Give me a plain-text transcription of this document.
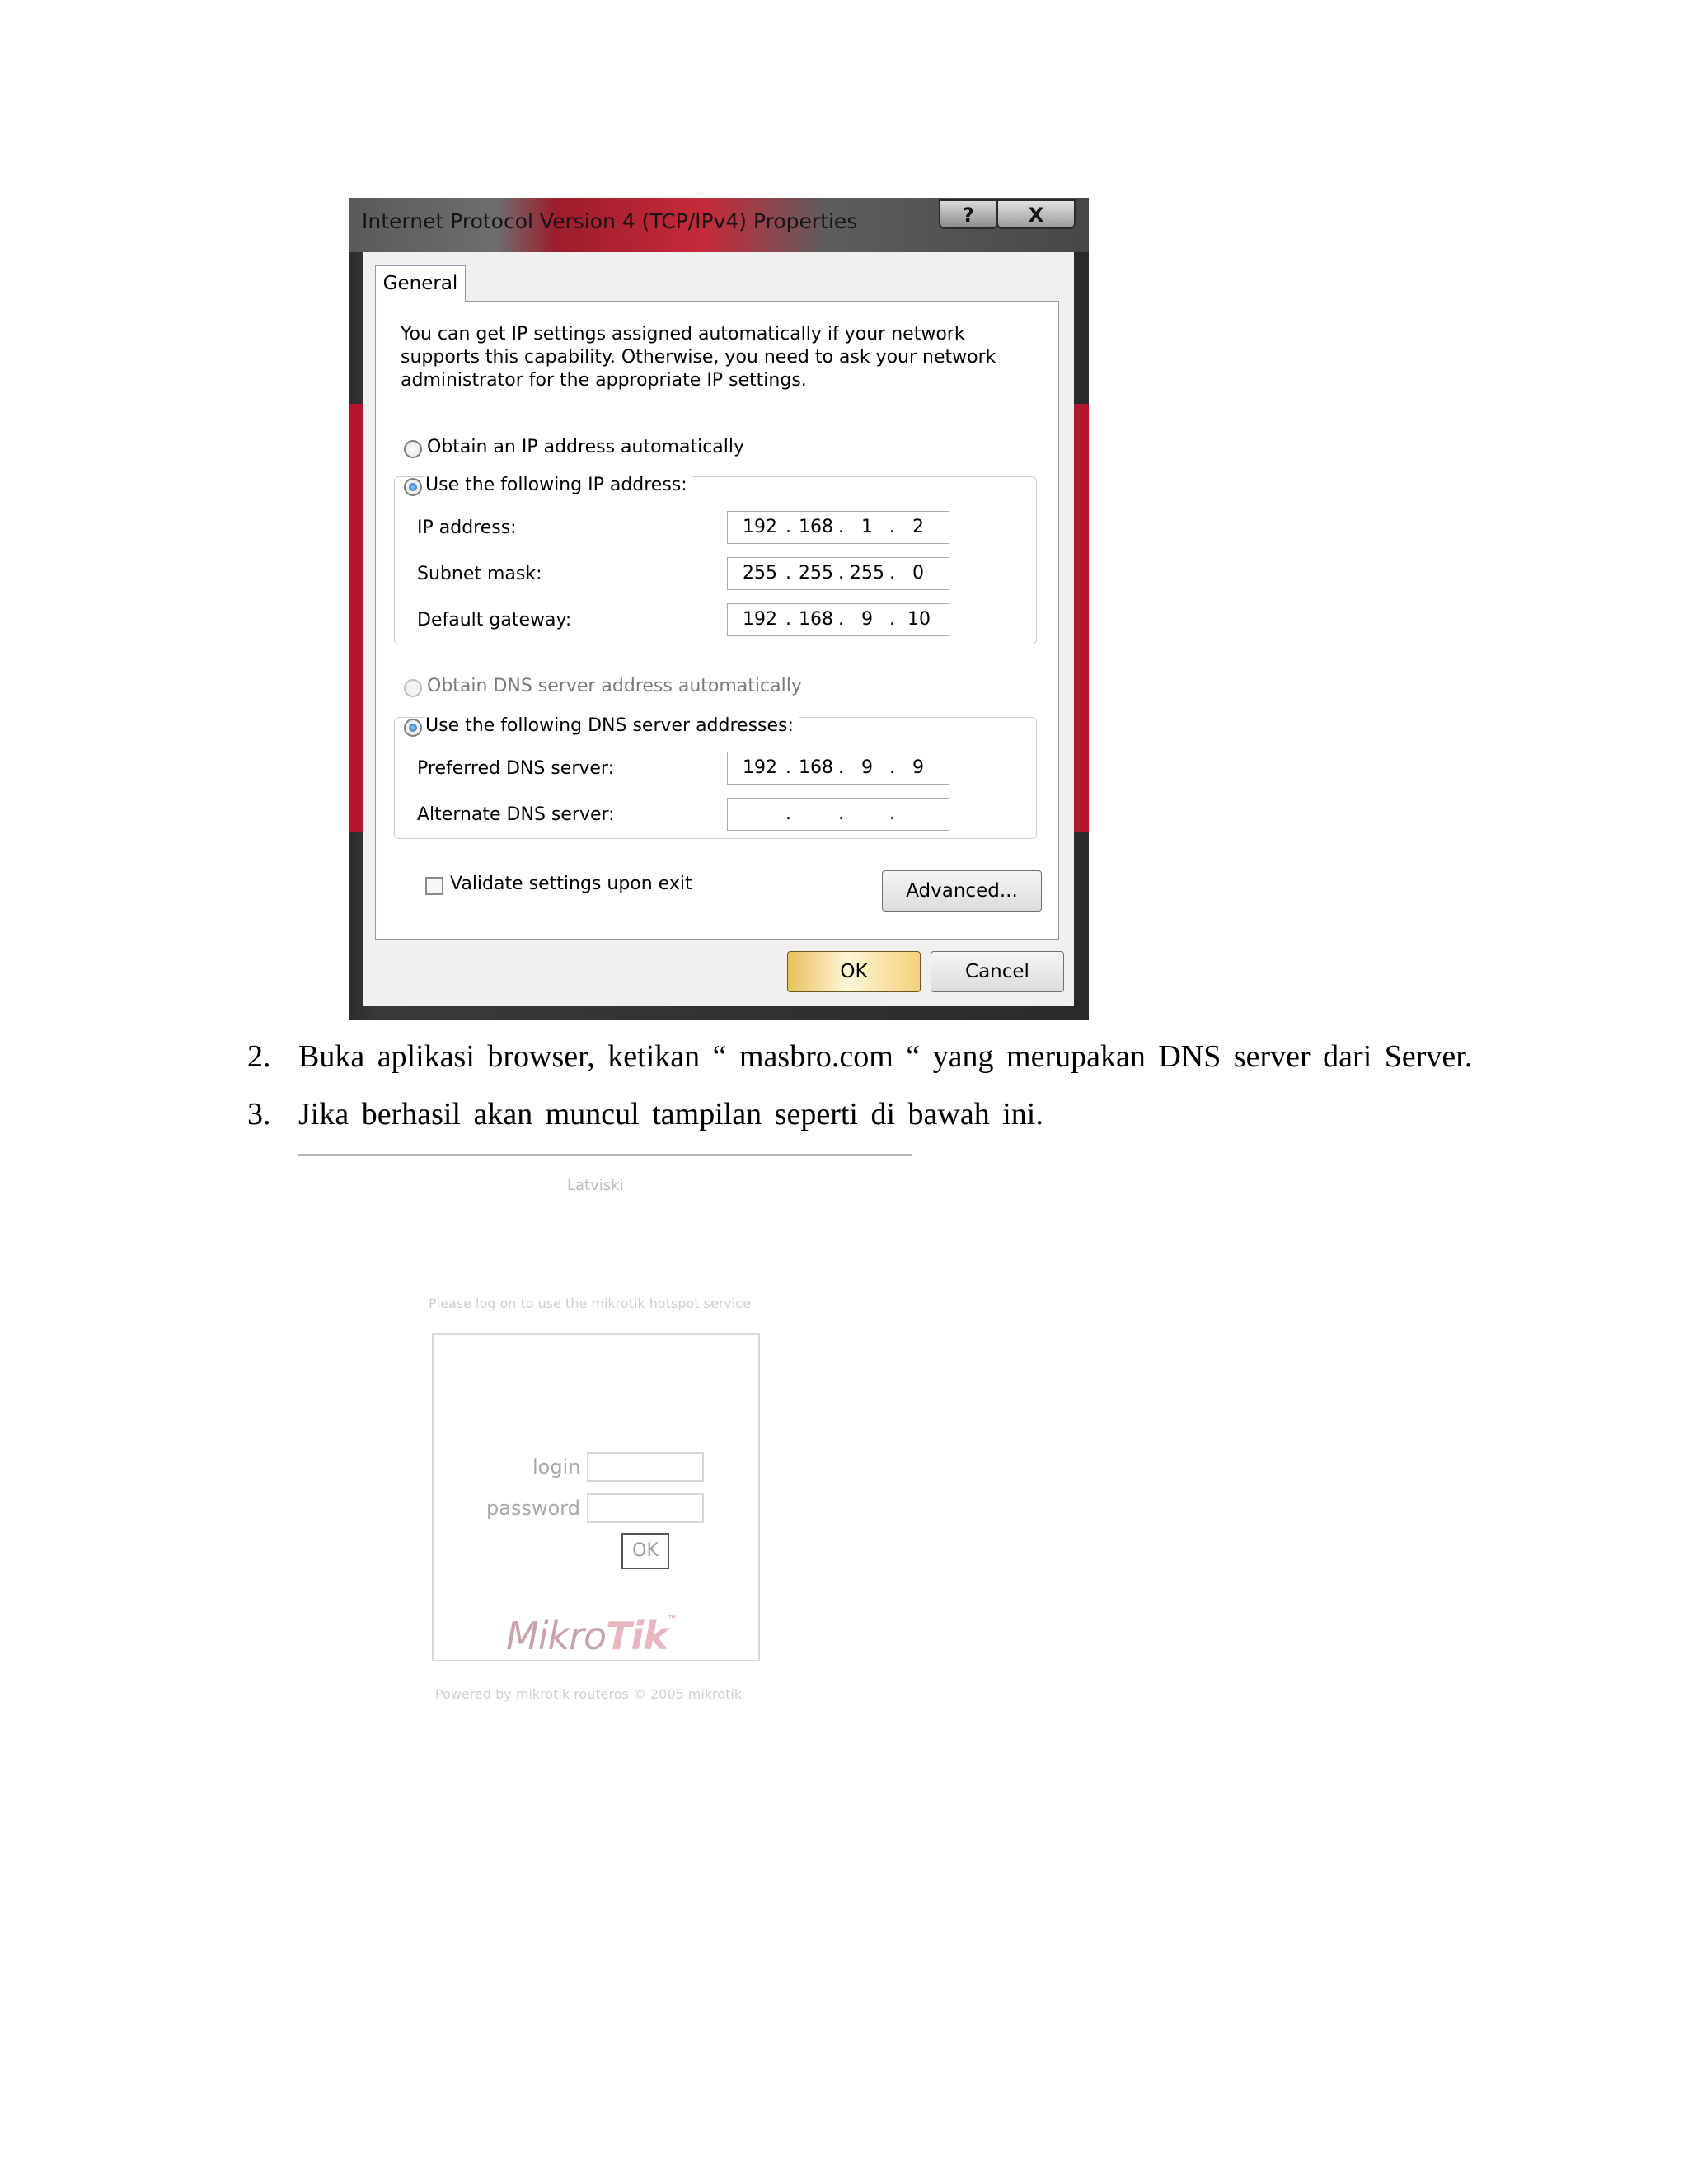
Internet Protocol Version 4 (TCP/IPv4) Properties	?	X
General
You can get IP settings assigned automatically if your network supports this capability. Otherwise, you need to ask your network administrator for the appropriate IP settings.
Obtain an IP address automatically
Use the following IP address:
IP address:	192 . 168 . 1 . 2
Subnet mask:	255 . 255 . 255 . 0
Default gateway:	192 . 168 . 9 . 10
Obtain DNS server address automatically
Use the following DNS server addresses:
Preferred DNS server:	192 . 168 . 9 . 9
Alternate DNS server:	.	.	.
Validate settings upon exit	Advanced...
OK	Cancel
2. Buka aplikasi browser, ketikan “ masbro.com “ yang merupakan DNS server dari Server.
3. Jika berhasil akan muncul tampilan seperti di bawah ini.
Latviski
Please log on to use the mikrotik hotspot service
login
password
OK
MikroTik™
Powered by mikrotik routeros © 2005 mikrotik
